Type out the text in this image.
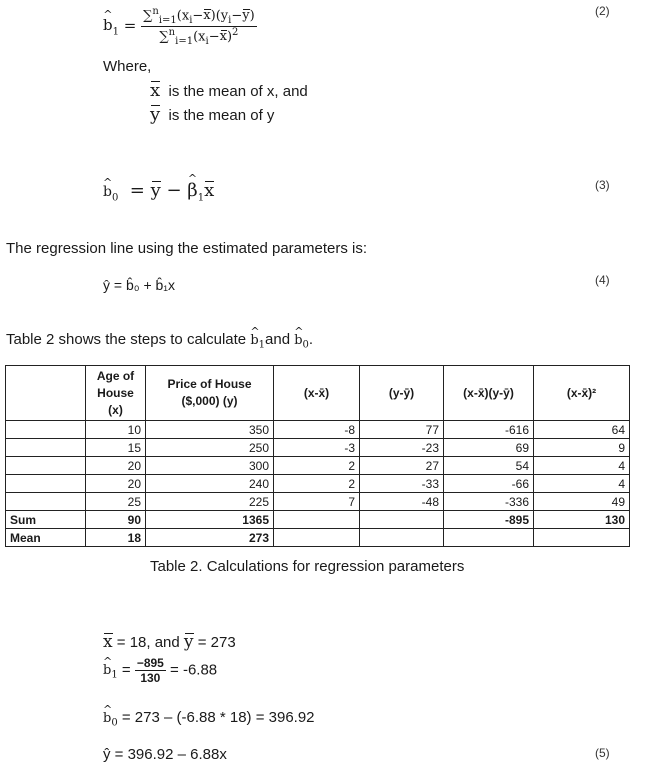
^ $b_1 = \frac{\sum^n_{i=1}(x_i-x)(y_i-y)}{\sum^n_{i=1}(x_i-x)^2}$	(2)
Where,
x is the mean of x, and
y is the mean of y
^ $b_0 = y$ − ^ $\beta_1x$	(3)
The regression line using the estimated parameters is:
ŷ = b̂₀ + b̂₁x	(4)
Table 2 shows the steps to calculate ^ $b_1and$ ^ $b_0$.
	Age of House (x)	Price of House ($,000) (y)	(x-x̄)	(y-ȳ)	(x-x̄)(y-ȳ)	(x-x̄)²
	10	350	-8	77	-616	64
	15	250	-3	-23	69	9
	20	300	2	27	54	4
	20	240	2	-33	-66	4
	25	225	7	-48	-336	49
Sum	90	1365			-895	130
Mean	18	273				
Table 2. Calculations for regression parameters
x = 18, and y = 273
^ $b_1 = \frac{-895}{130} = -6.88$
^ $b_0 = 273 - (-6.88 * 18) = 396.92$
ŷ = 396.92 – 6.88x	(5)
